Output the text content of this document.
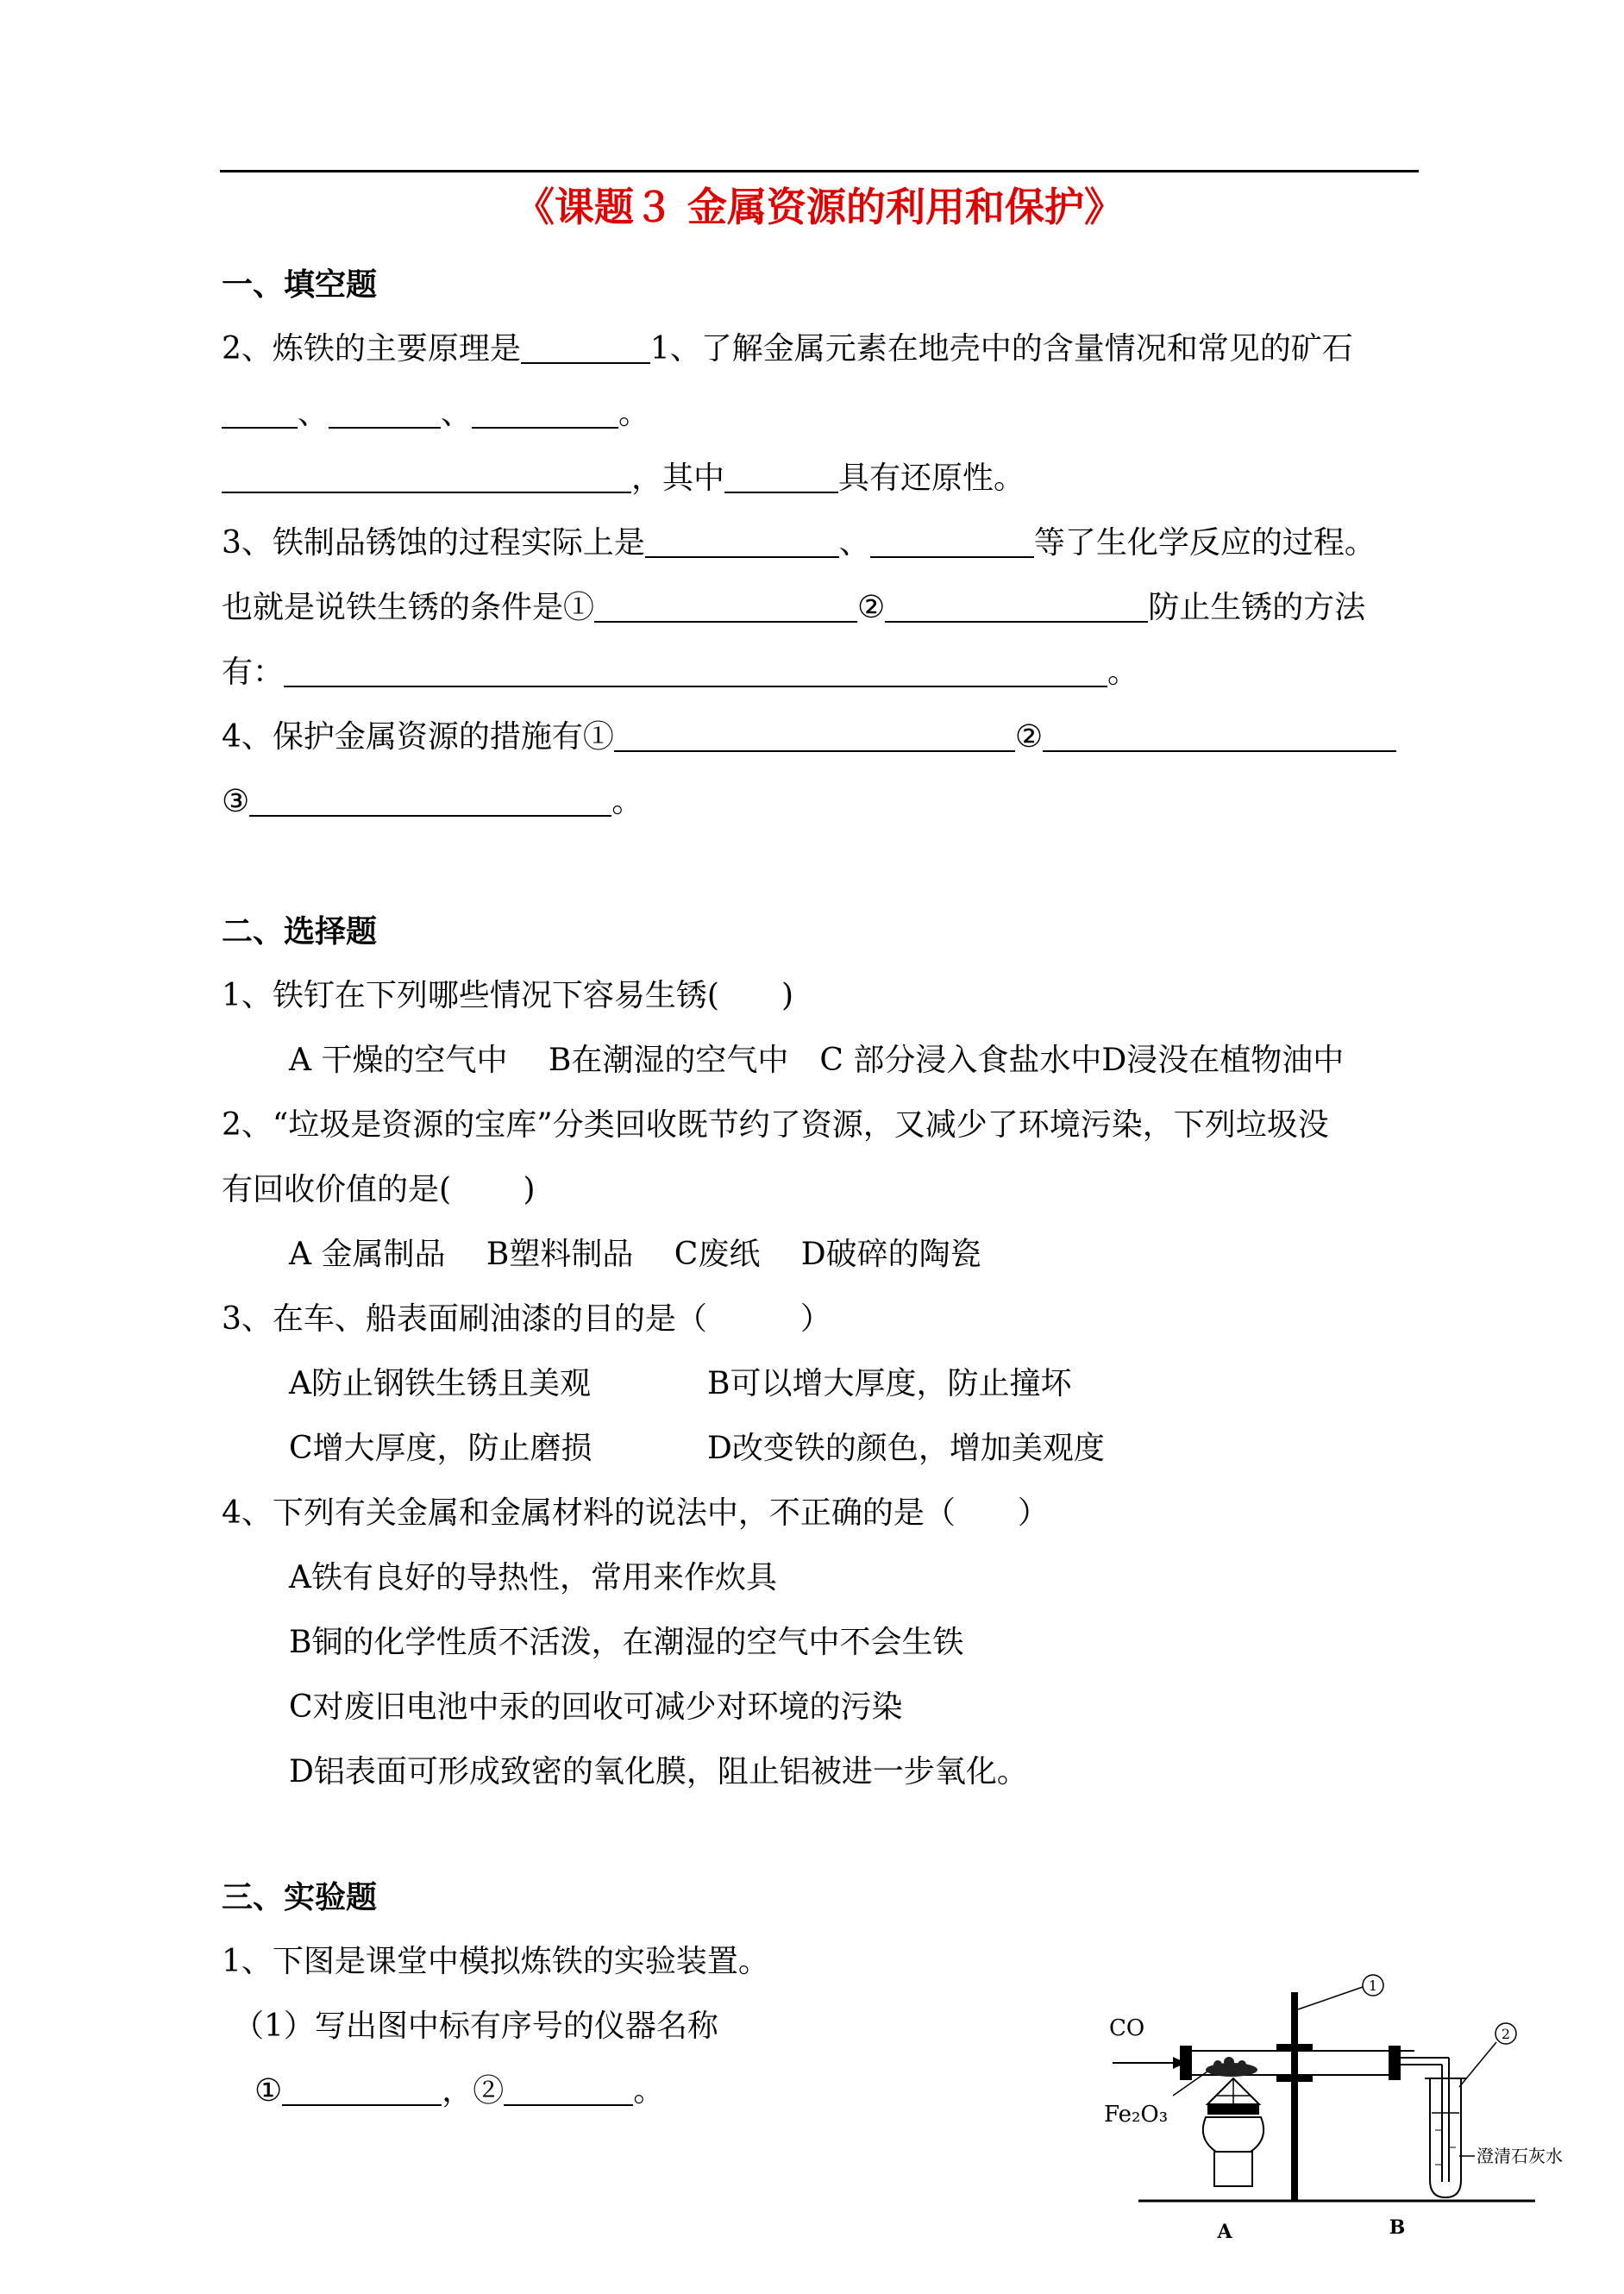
《课题３ 金属资源的利用和保护》
一、填空题
2、炼铁的主要原理是	1、了解金属元素在地壳中的含量情况和常见的矿石
、	、	。
，其中	具有还原性。
3、铁制品锈蚀的过程实际上是	、	等了生化学反应的过程。
也就是说铁生锈的条件是①	②	防止生锈的方法
有：	。
4、保护金属资源的措施有①	②
③	。
二、选择题
1、铁钉在下列哪些情况下容易生锈(　　)
A 干燥的空气中　 B在潮湿的空气中　C 部分浸入食盐水中D浸没在植物油中
2、“垃圾是资源的宝库”分类回收既节约了资源，又减少了环境污染，下列垃圾没
有回收价值的是(　　 )
A 金属制品　 B塑料制品　 C废纸　 D破碎的陶瓷
3、在车、船表面刷油漆的目的是（　　　）
A防止钢铁生锈且美观	B可以增大厚度，防止撞坏
C增大厚度，防止磨损	D改变铁的颜色，增加美观度
4、下列有关金属和金属材料的说法中，不正确的是（　　）
A铁有良好的导热性，常用来作炊具
B铜的化学性质不活泼，在潮湿的空气中不会生铁
C对废旧电池中汞的回收可减少对环境的污染
D铝表面可形成致密的氧化膜，阻止铝被进一步氧化。
三、实验题
1、下图是课堂中模拟炼铁的实验装置。
（1）写出图中标有序号的仪器名称
①	，②	。
1
CO
Fe₂O₃
2
澄清石灰水
A	B
